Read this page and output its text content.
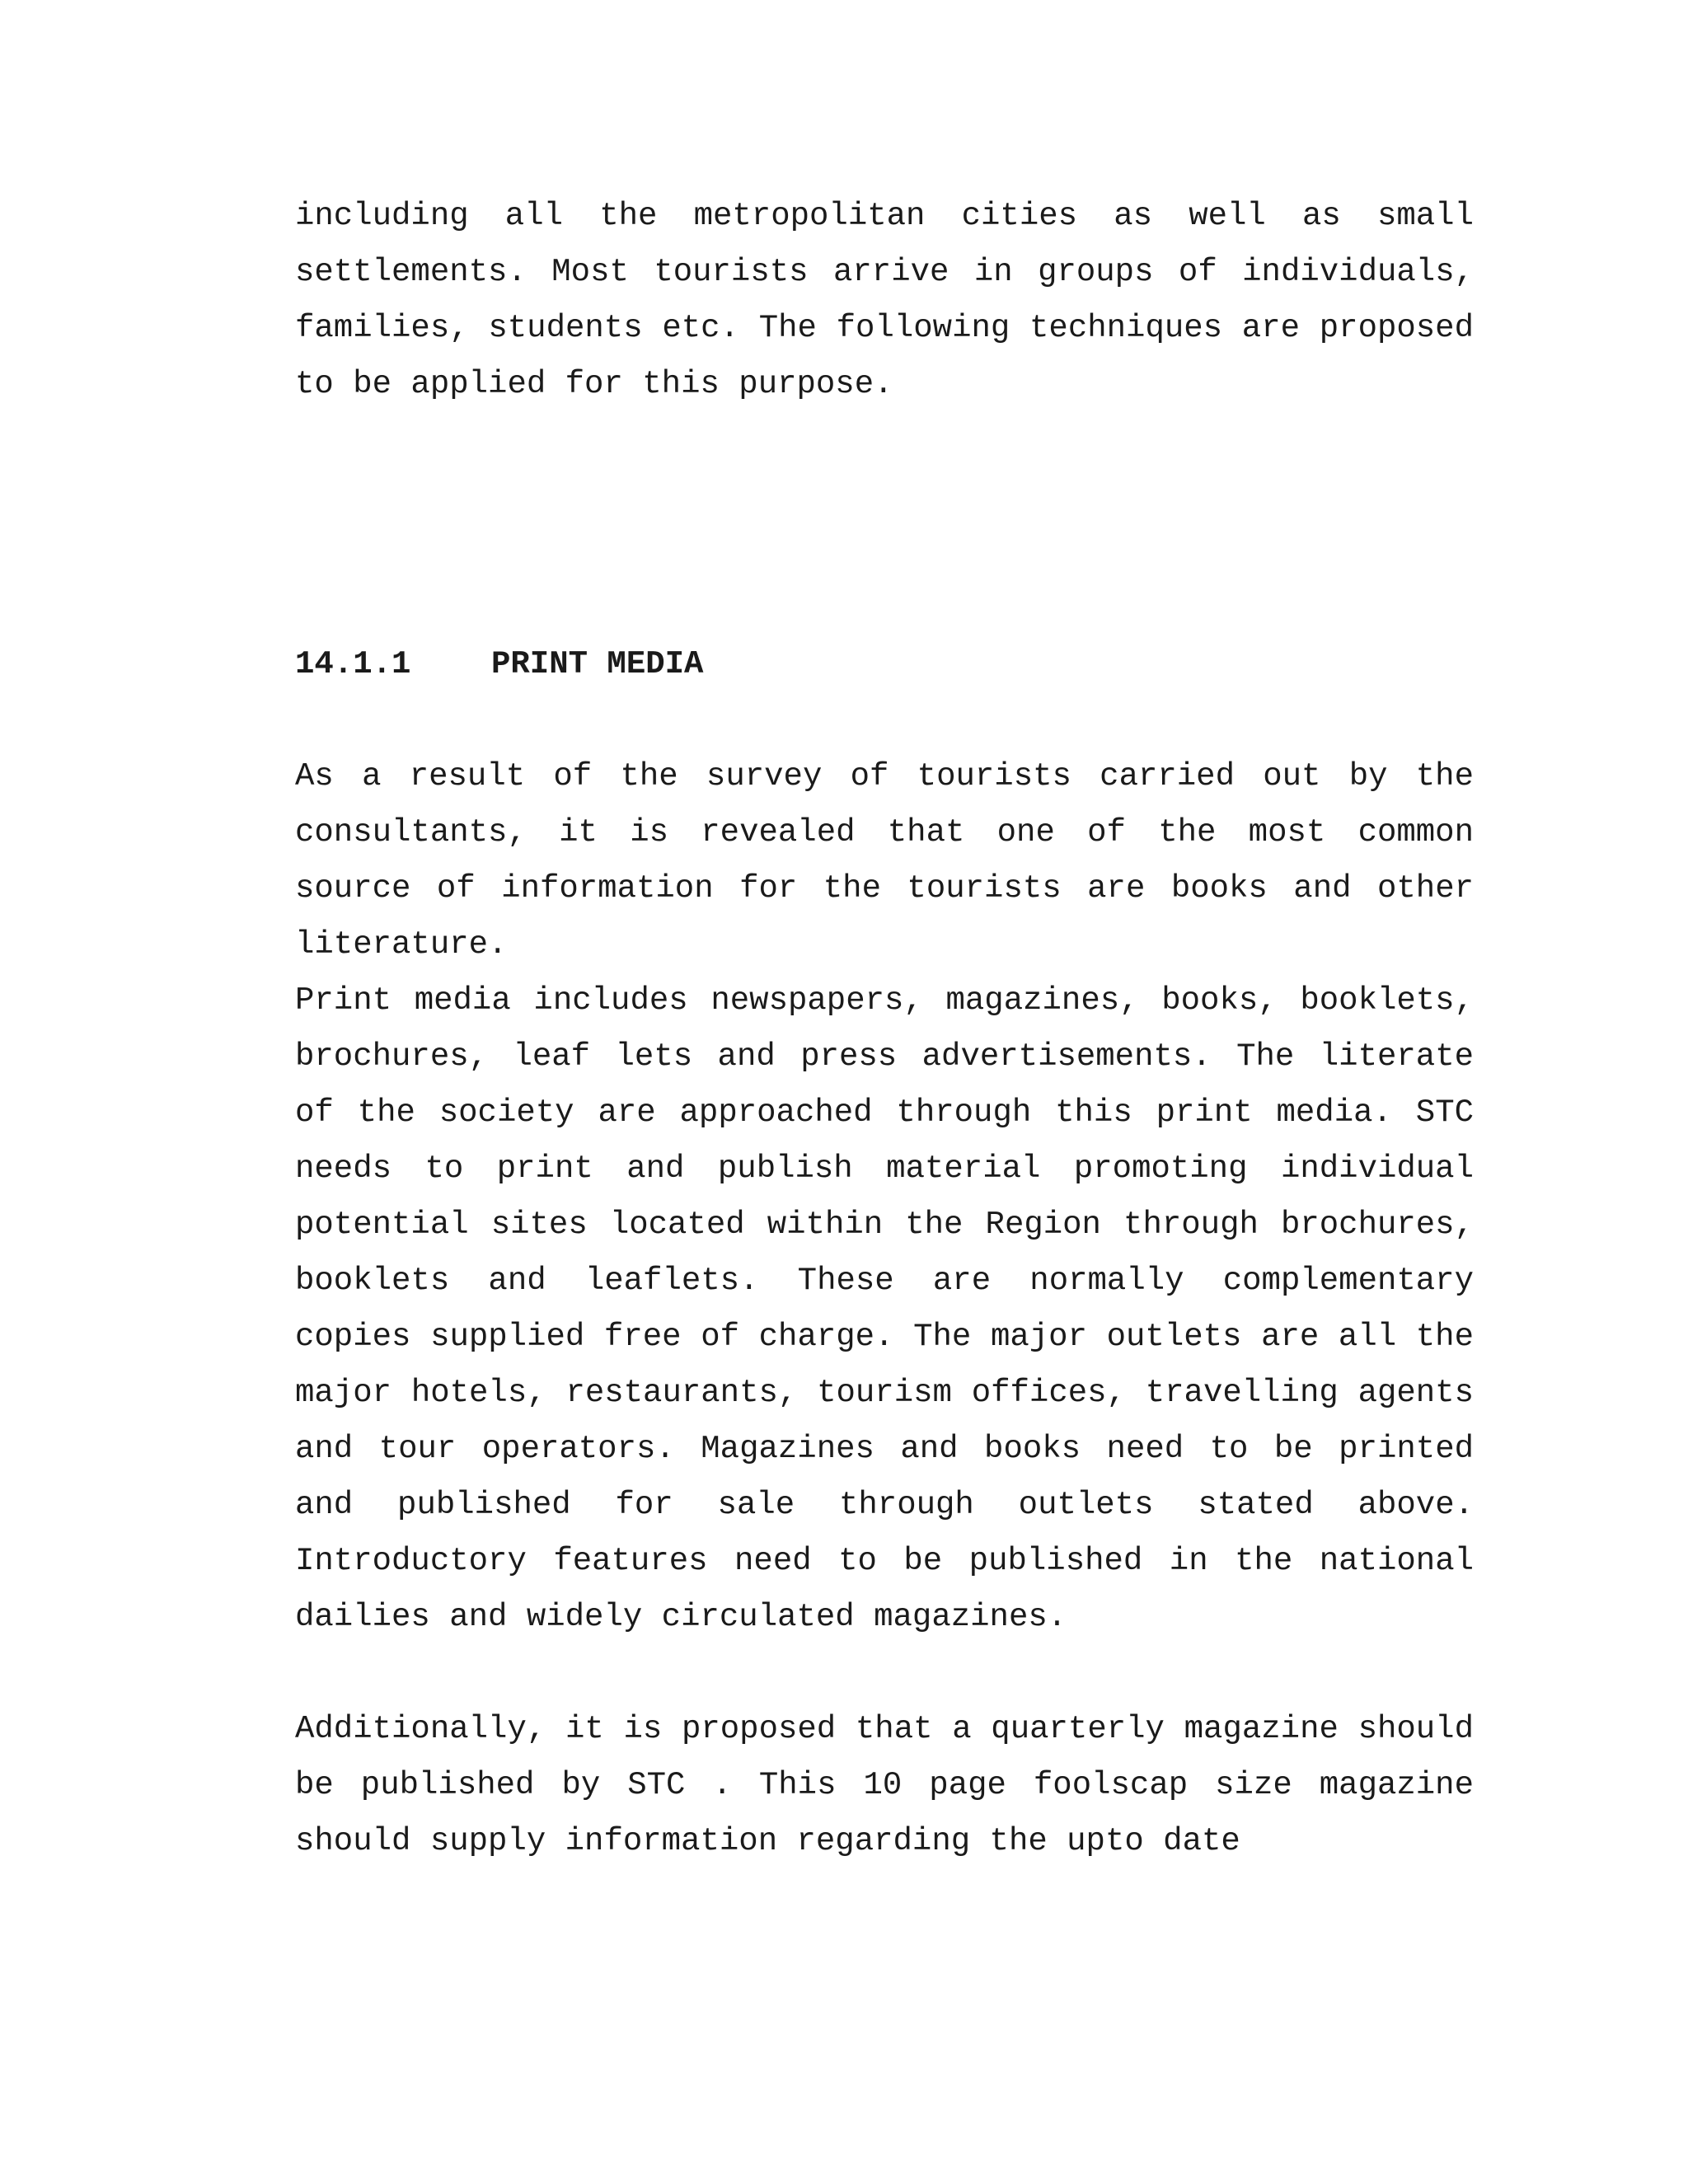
including all the metropolitan cities as well as small settlements. Most tourists arrive in groups of individuals, families, students etc. The following techniques are proposed to be applied for this purpose.

14.1.1	PRINT MEDIA

As a result of the survey of tourists carried out by the consultants, it is revealed that one of the most common source of information for the tourists are books and other literature.

Print media includes newspapers, magazines, books, booklets, brochures, leaf lets and press advertisements. The literate of the society are approached through this print media. STC needs to print and publish material promoting individual potential sites located within the Region through brochures, booklets and leaflets. These are normally complementary copies supplied free of charge. The major outlets are all the major hotels, restaurants, tourism offices, travelling agents and tour operators. Magazines and books need to be printed and published for sale through outlets stated above. Introductory features need to be published in the national dailies and widely circulated magazines.

Additionally, it is proposed that a quarterly magazine should be published by STC . This 10 page foolscap size magazine should supply information regarding the upto date
